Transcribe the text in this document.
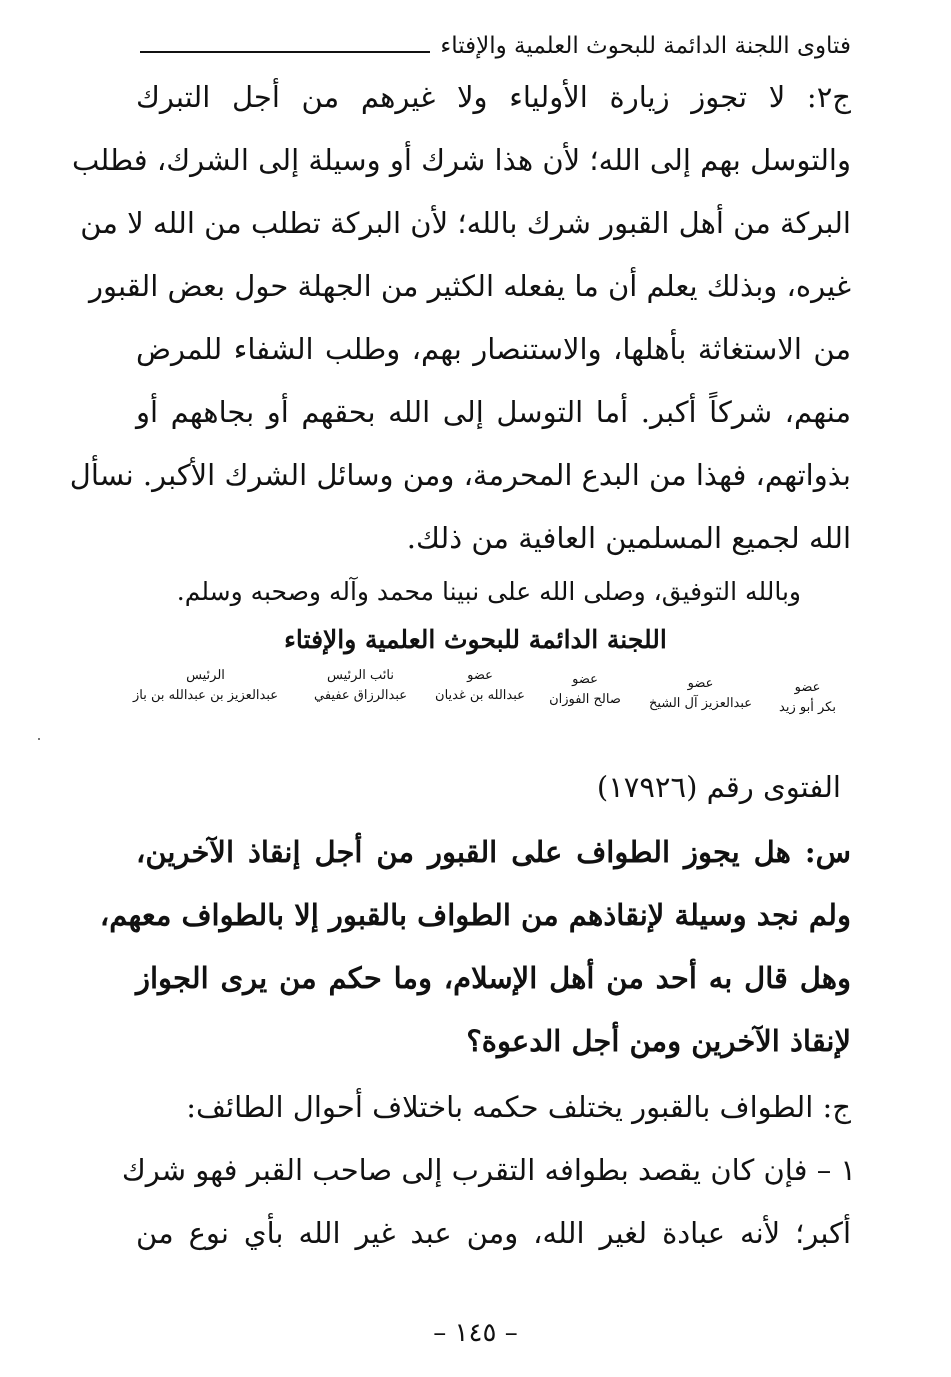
فتاوى اللجنة الدائمة للبحوث العلمية والإفتاء
ج٢: لا تجوز زيارة الأولياء ولا غيرهم من أجل التبرك
والتوسل بهم إلى الله؛ لأن هذا شرك أو وسيلة إلى الشرك، فطلب
البركة من أهل القبور شرك بالله؛ لأن البركة تطلب من الله لا من
غيره، وبذلك يعلم أن ما يفعله الكثير من الجهلة حول بعض القبور
من الاستغاثة بأهلها، والاستنصار بهم، وطلب الشفاء للمرض
منهم، شركاً أكبر. أما التوسل إلى الله بحقهم أو بجاههم أو
بذواتهم، فهذا من البدع المحرمة، ومن وسائل الشرك الأكبر. نسأل
الله لجميع المسلمين العافية من ذلك.
وبالله التوفيق، وصلى الله على نبينا محمد وآله وصحبه وسلم.
اللجنة الدائمة للبحوث العلمية والإفتاء
الرئيس
عبدالعزيز بن عبدالله بن باز
نائب الرئيس
عبدالرزاق عفيفي
عضو
عبدالله بن غديان
عضو
صالح الفوزان
عضو
عبدالعزيز آل الشيخ
عضو
بكر أبو زيد
الفتوى رقم (١٧٩٢٦)
س: هل يجوز الطواف على القبور من أجل إنقاذ الآخرين،
ولم نجد وسيلة لإنقاذهم من الطواف بالقبور إلا بالطواف معهم،
وهل قال به أحد من أهل الإسلام، وما حكم من يرى الجواز
لإنقاذ الآخرين ومن أجل الدعوة؟
ج: الطواف بالقبور يختلف حكمه باختلاف أحوال الطائف:
١ – فإن كان يقصد بطوافه التقرب إلى صاحب القبر فهو شرك
أكبر؛ لأنه عبادة لغير الله، ومن عبد غير الله بأي نوع من
– ١٤٥ –
